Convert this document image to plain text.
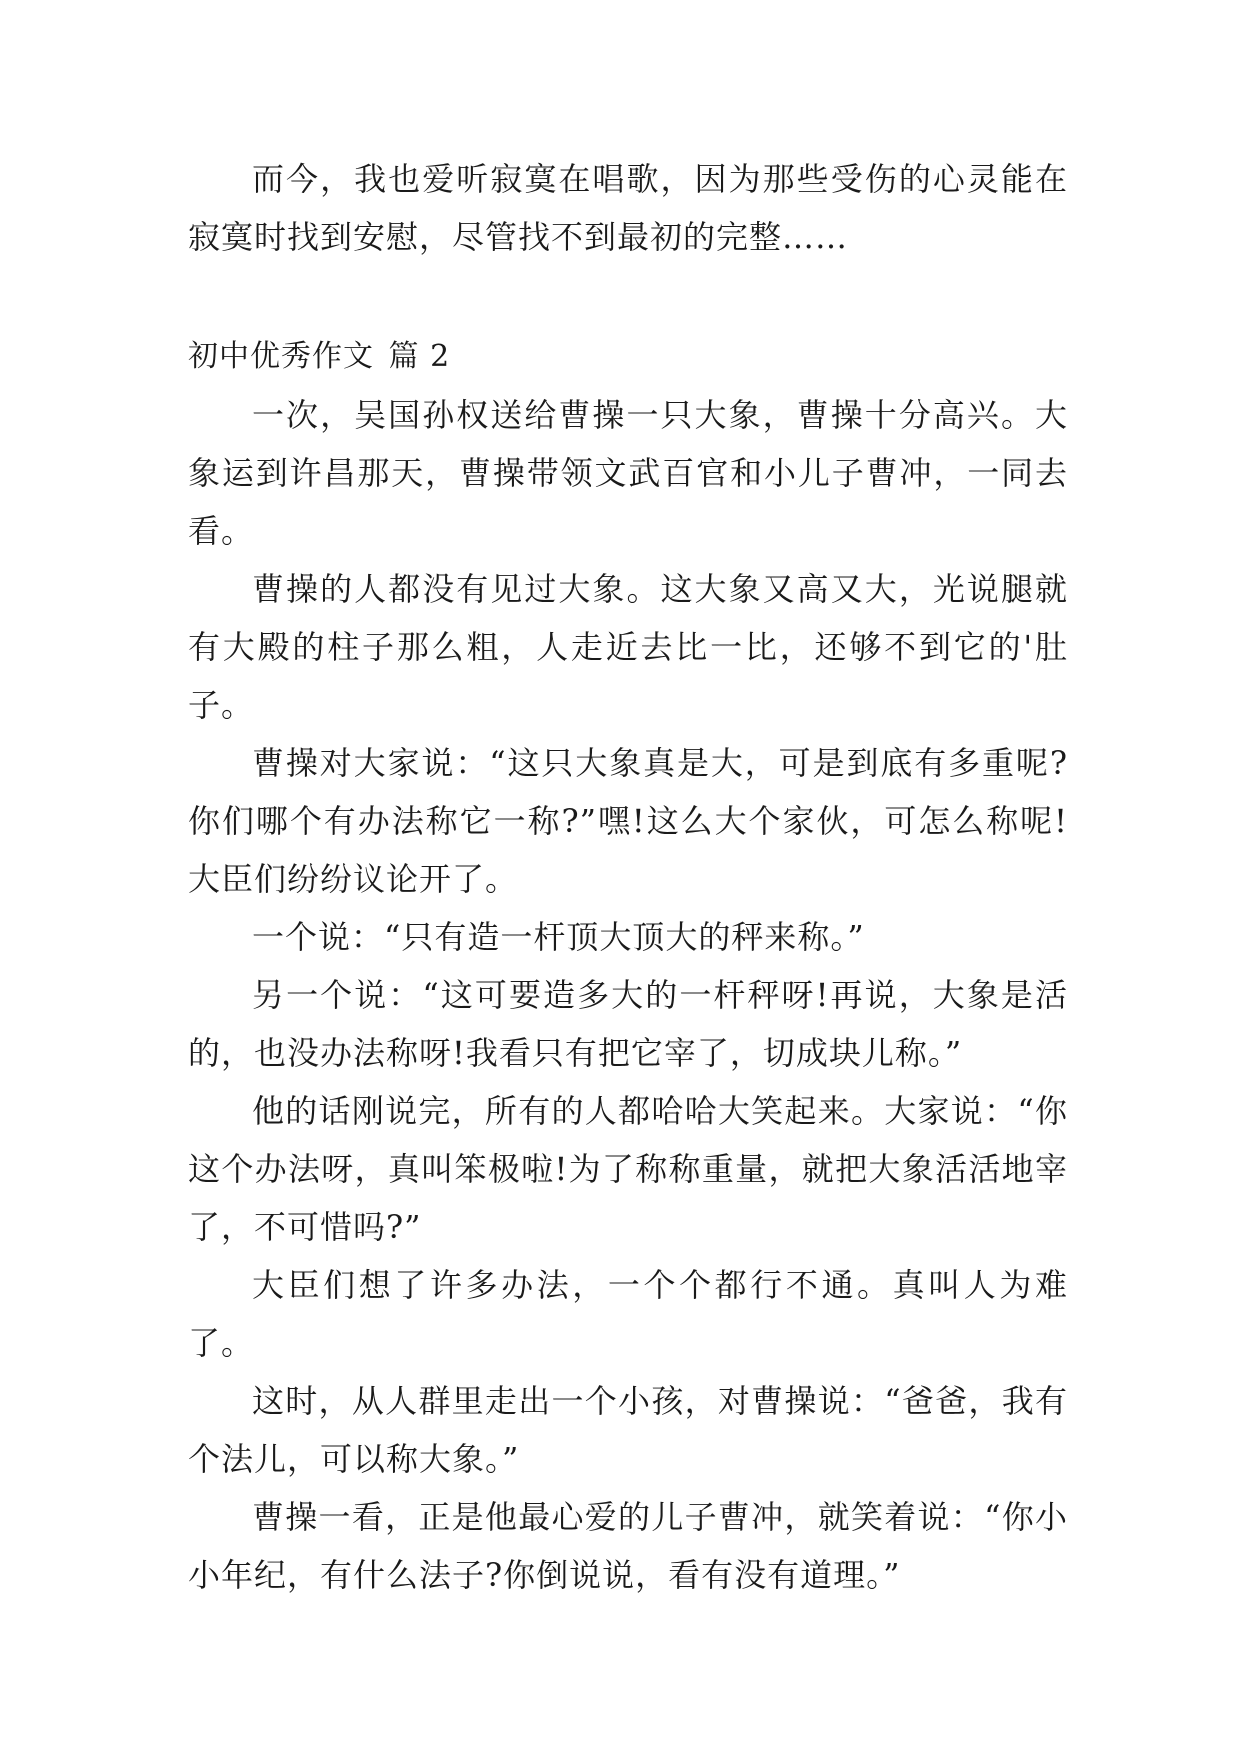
而今，我也爱听寂寞在唱歌，因为那些受伤的心灵能在寂寞时找到安慰，尽管找不到最初的完整……

初中优秀作文 篇 2

一次，吴国孙权送给曹操一只大象，曹操十分高兴。大象运到许昌那天，曹操带领文武百官和小儿子曹冲，一同去看。

曹操的人都没有见过大象。这大象又高又大，光说腿就有大殿的柱子那么粗，人走近去比一比，还够不到它的'肚子。

曹操对大家说：“这只大象真是大，可是到底有多重呢?你们哪个有办法称它一称?”嘿!这么大个家伙，可怎么称呢!大臣们纷纷议论开了。

一个说：“只有造一杆顶大顶大的秤来称。”

另一个说：“这可要造多大的一杆秤呀!再说，大象是活的，也没办法称呀!我看只有把它宰了，切成块儿称。”

他的话刚说完，所有的人都哈哈大笑起来。大家说：“你这个办法呀，真叫笨极啦!为了称称重量，就把大象活活地宰了，不可惜吗?”

大臣们想了许多办法，一个个都行不通。真叫人为难了。

这时，从人群里走出一个小孩，对曹操说：“爸爸，我有个法儿，可以称大象。”

曹操一看，正是他最心爱的儿子曹冲，就笑着说：“你小小年纪，有什么法子?你倒说说，看有没有道理。”
